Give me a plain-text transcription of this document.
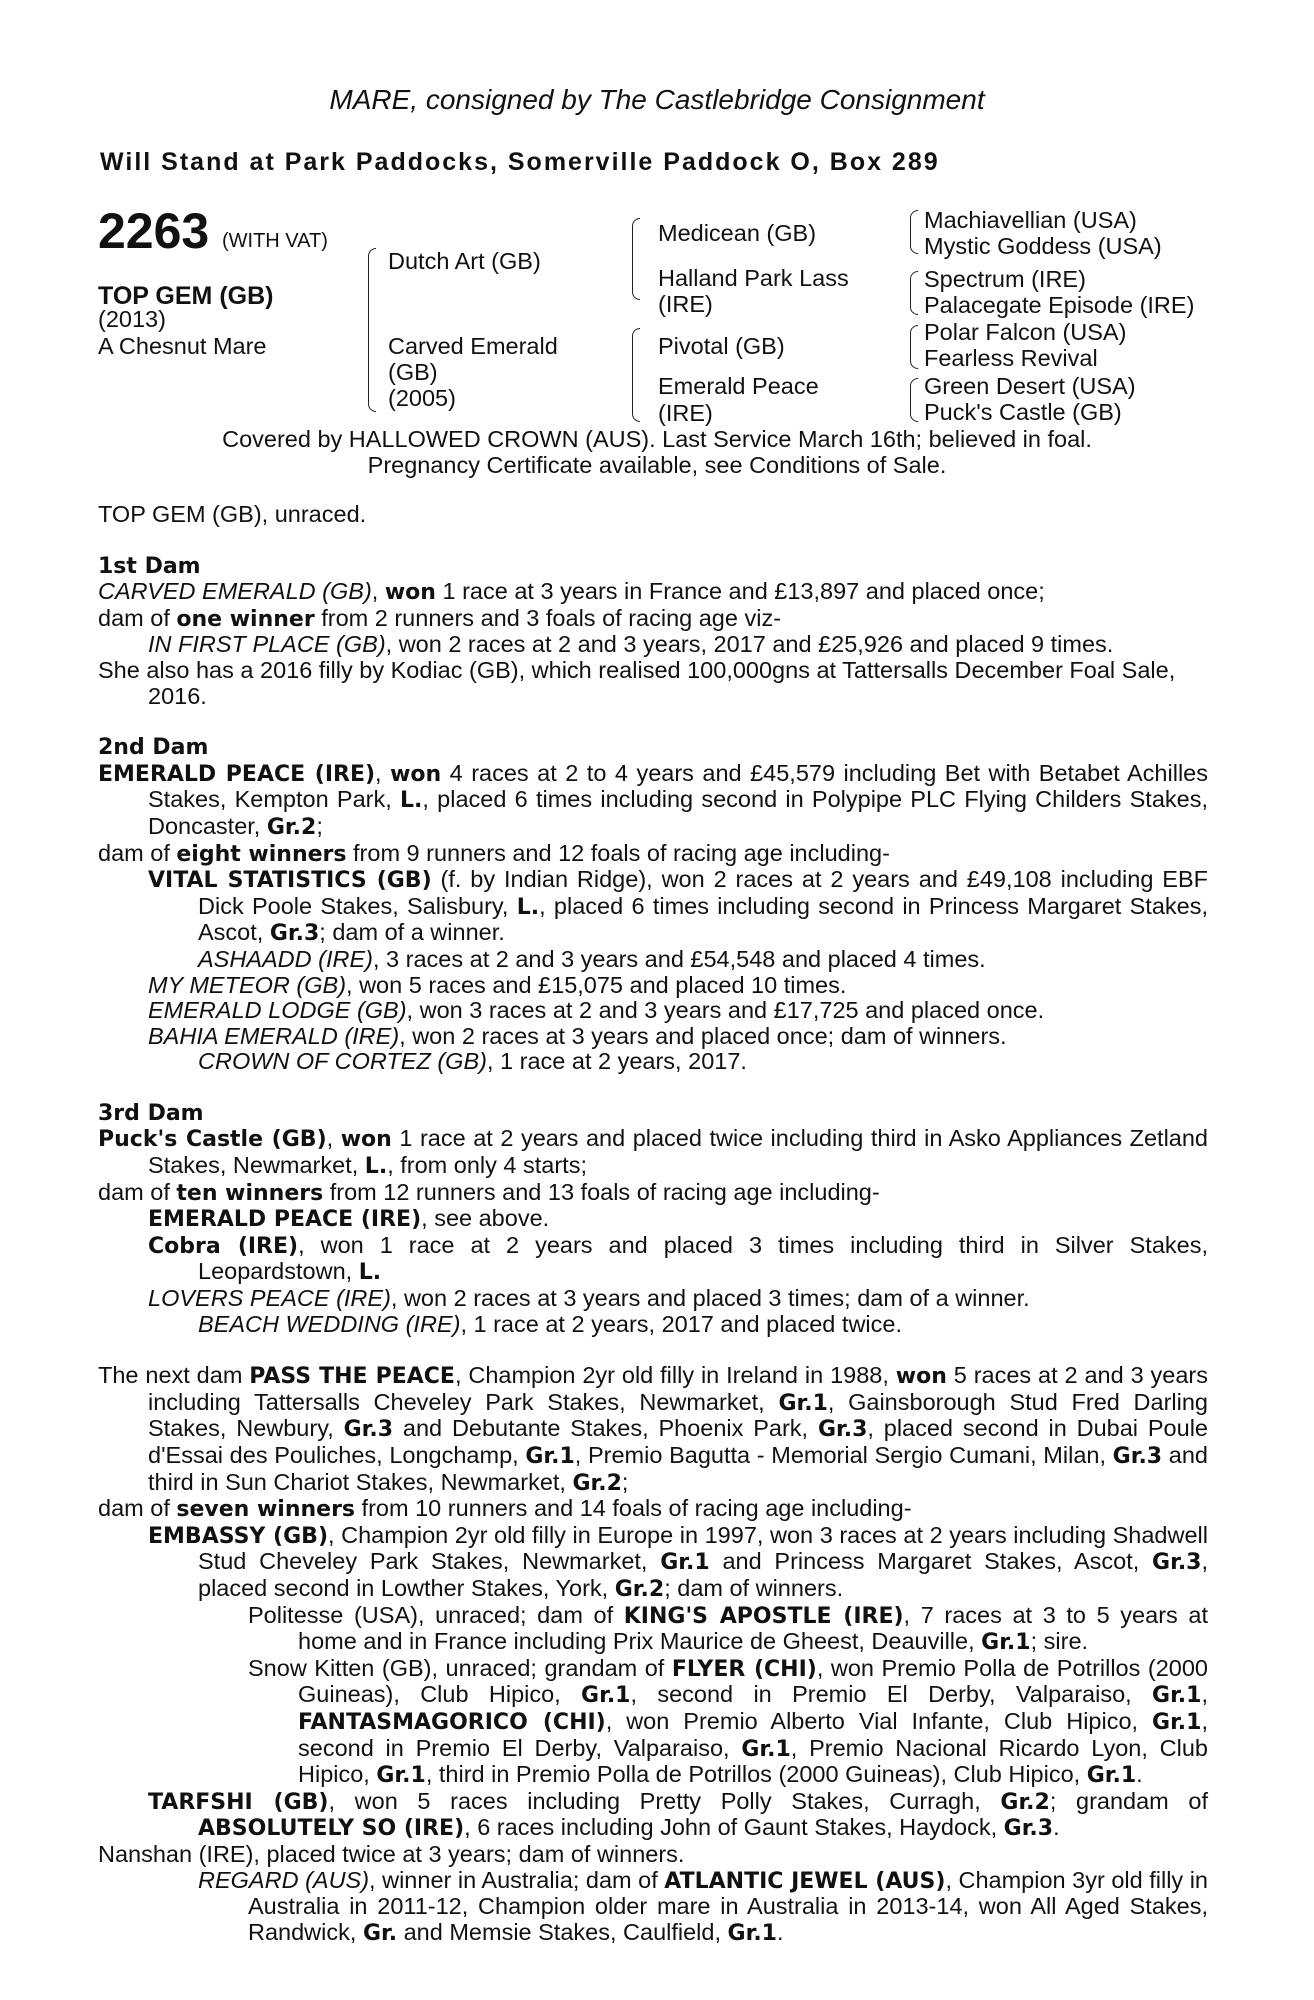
MARE, consigned by The Castlebridge Consignment
Will Stand at Park Paddocks, Somerville Paddock O, Box 289
2263 (WITH VAT)
TOP GEM (GB)
(2013)
A Chesnut Mare
Dutch Art (GB)
Carved Emerald
(GB)
(2005)
Medicean (GB)
Halland Park Lass
(IRE)
Pivotal (GB)
Emerald Peace
(IRE)
Machiavellian (USA)
Mystic Goddess (USA)
Spectrum (IRE)
Palacegate Episode (IRE)
Polar Falcon (USA)
Fearless Revival
Green Desert (USA)
Puck's Castle (GB)
Covered by HALLOWED CROWN (AUS). Last Service March 16th; believed in foal.
Pregnancy Certificate available, see Conditions of Sale.

TOP GEM (GB), unraced.

1st Dam

CARVED EMERALD (GB), won 1 race at 3 years in France and £13,897 and placed once;

dam of one winner from 2 runners and 3 foals of racing age viz-

IN FIRST PLACE (GB), won 2 races at 2 and 3 years, 2017 and £25,926 and placed 9 times.

She also has a 2016 filly by Kodiac (GB), which realised 100,000gns at Tattersalls December Foal Sale, 2016.

2nd Dam

EMERALD PEACE (IRE), won 4 races at 2 to 4 years and £45,579 including Bet with Betabet Achilles Stakes, Kempton Park, L., placed 6 times including second in Polypipe PLC Flying Childers Stakes, Doncaster, Gr.2;

dam of eight winners from 9 runners and 12 foals of racing age including-

VITAL STATISTICS (GB) (f. by Indian Ridge), won 2 races at 2 years and £49,108 including EBF Dick Poole Stakes, Salisbury, L., placed 6 times including second in Princess Margaret Stakes, Ascot, Gr.3; dam of a winner.

ASHAADD (IRE), 3 races at 2 and 3 years and £54,548 and placed 4 times.

MY METEOR (GB), won 5 races and £15,075 and placed 10 times.

EMERALD LODGE (GB), won 3 races at 2 and 3 years and £17,725 and placed once.

BAHIA EMERALD (IRE), won 2 races at 3 years and placed once; dam of winners.

CROWN OF CORTEZ (GB), 1 race at 2 years, 2017.

3rd Dam

Puck's Castle (GB), won 1 race at 2 years and placed twice including third in Asko Appliances Zetland Stakes, Newmarket, L., from only 4 starts;

dam of ten winners from 12 runners and 13 foals of racing age including-

EMERALD PEACE (IRE), see above.

Cobra (IRE), won 1 race at 2 years and placed 3 times including third in Silver Stakes, Leopardstown, L.

LOVERS PEACE (IRE), won 2 races at 3 years and placed 3 times; dam of a winner.

BEACH WEDDING (IRE), 1 race at 2 years, 2017 and placed twice.

The next dam PASS THE PEACE, Champion 2yr old filly in Ireland in 1988, won 5 races at 2 and 3 years including Tattersalls Cheveley Park Stakes, Newmarket, Gr.1, Gainsborough Stud Fred Darling Stakes, Newbury, Gr.3 and Debutante Stakes, Phoenix Park, Gr.3, placed second in Dubai Poule d'Essai des Pouliches, Longchamp, Gr.1, Premio Bagutta - Memorial Sergio Cumani, Milan, Gr.3 and third in Sun Chariot Stakes, Newmarket, Gr.2;

dam of seven winners from 10 runners and 14 foals of racing age including-

EMBASSY (GB), Champion 2yr old filly in Europe in 1997, won 3 races at 2 years including Shadwell Stud Cheveley Park Stakes, Newmarket, Gr.1 and Princess Margaret Stakes, Ascot, Gr.3, placed second in Lowther Stakes, York, Gr.2; dam of winners.

Politesse (USA), unraced; dam of KING'S APOSTLE (IRE), 7 races at 3 to 5 years at home and in France including Prix Maurice de Gheest, Deauville, Gr.1; sire.

Snow Kitten (GB), unraced; grandam of FLYER (CHI), won Premio Polla de Potrillos (2000 Guineas), Club Hipico, Gr.1, second in Premio El Derby, Valparaiso, Gr.1, FANTASMAGORICO (CHI), won Premio Alberto Vial Infante, Club Hipico, Gr.1, second in Premio El Derby, Valparaiso, Gr.1, Premio Nacional Ricardo Lyon, Club Hipico, Gr.1, third in Premio Polla de Potrillos (2000 Guineas), Club Hipico, Gr.1.

TARFSHI (GB), won 5 races including Pretty Polly Stakes, Curragh, Gr.2; grandam of ABSOLUTELY SO (IRE), 6 races including John of Gaunt Stakes, Haydock, Gr.3.

Nanshan (IRE), placed twice at 3 years; dam of winners.

REGARD (AUS), winner in Australia; dam of ATLANTIC JEWEL (AUS), Champion 3yr old filly in Australia in 2011-12, Champion older mare in Australia in 2013-14, won All Aged Stakes, Randwick, Gr. and Memsie Stakes, Caulfield, Gr.1.
